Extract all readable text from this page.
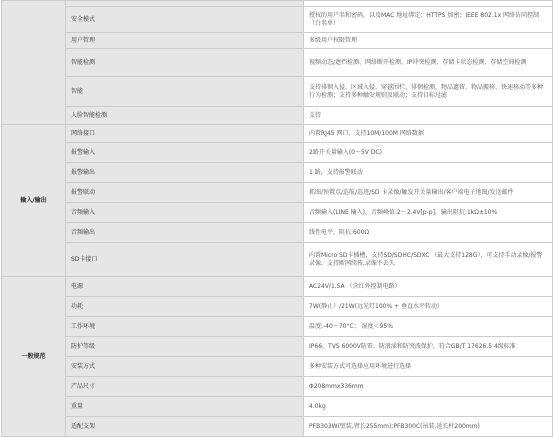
	安全模式	授权的用户名和密码，以及MAC 地址绑定；HTTPS 加密；IEEE 802.1x 网络访问控制（白名单）
	用户管理	多级用户权限管理
	智能检测	视频动态/遮挡检测、网络断开检测、IP冲突检测、存储卡状态检测、存储空间检测
	智能	支持徘徊入侵、区域入侵、穿越围栏、徘徊检测、物品遗留、物品搬移、快速移动等多种行为检测；支持多种触发规则及联动；支持目标过滤
	人脸智能检测	支持
输入/输出	网络接口	内置RJ45 网口，支持10M/100M 网络数据
	报警输入	2路开关量输入(0～5V DC)
	报警输出	1 路，支持报警联动
	报警联动	抓图/预置点/巡航/巡迹/SD 卡录像/触发开关量输出/客户端电子地图/发送邮件
	音频输入	音频输入(LINE 输入)，音频峰值:2～2.4V[p-p]，输出阻抗:1kΩ±10%
	音频输出	线性电平，阻抗:600Ω
	SD卡接口	内置Micro SD卡插槽，支持SD/SDHC/SDXC （最大支持128G），可支持手动录像/报警录像，支持断网续传,录像不丢失
一般规范	电源	AC24V/1.5A （含红外控制电路）
	功耗	7W(静止）/21W(远光灯100% + 垂直水平转动）
	工作环境	温度:-40～70°C； 湿度＜95%
	防护等级	IP66，TVS 6000V防雷、防浪涌和防突波保护，符合GB/T 17626.5 4级标准
	安装方式	多种安装方式可选择应用环境进行选择
	产品尺寸	Φ208mmx336mm
	重量	4.0kg
	适配支架	PFB303W(壁装,臂长255mm);PFB300C(吊装,延长杆200mm)
